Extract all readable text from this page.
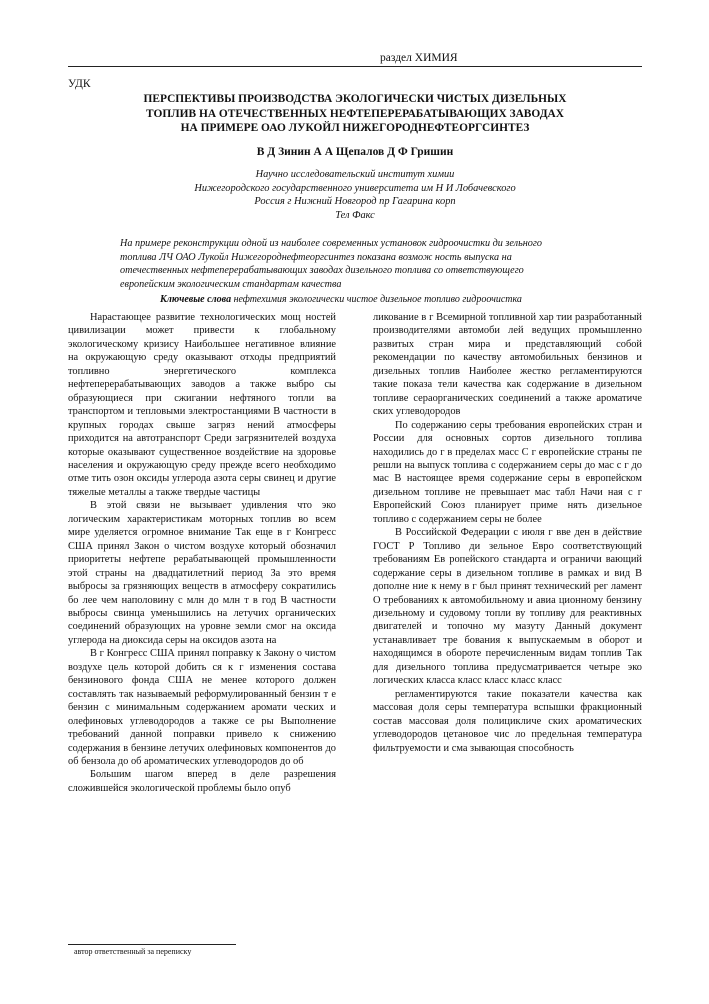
раздел ХИМИЯ
УДК
ПЕРСПЕКТИВЫ ПРОИЗВОДСТВА ЭКОЛОГИЧЕСКИ ЧИСТЫХ ДИЗЕЛЬНЫХ
ТОПЛИВ НА ОТЕЧЕСТВЕННЫХ НЕФТЕПЕРЕРАБАТЫВАЮЩИХ ЗАВОДАХ
НА ПРИМЕРЕ ОАО ЛУКОЙЛ НИЖЕГОРОДНЕФТЕОРГСИНТЕЗ
В Д Зинин А А Щепалов Д Ф Гришин
Научно исследовательский институт химии
Нижегородского государственного университета им Н И Лобачевского
Россия г Нижний Новгород пр Гагарина корп
Тел Факс
На примере реконструкции одной из наиболее современных установок гидроочистки ди зельного топлива ЛЧ ОАО Лукойл Нижегороднефтеоргсинтез показана возмож ность выпуска на отечественных нефтеперерабатывающих заводах дизельного топлива со ответствующего европейским экологическим стандартам качества
Ключевые слова нефтехимия экологически чистое дизельное топливо гидроочистка

Нарастающее развитие технологических мощ ностей цивилизации может привести к глобальному экологическому кризису Наибольшее негативное влияние на окружающую среду оказывают отходы предприятий топливно энергетического комплекса нефтеперерабатывающих заводов а также выбро сы образующиеся при сжигании нефтяного топли ва транспортом и тепловыми электростанциями В частности в крупных городах свыше загряз нений атмосферы приходится на автотранспорт Среди загрязнителей воздуха которые оказывают существенное воздействие на здоровье населения и окружающую среду прежде всего необходимо отме тить озон оксиды углерода азота серы свинец и другие тяжелые металлы а также твердые частицы

В этой связи не вызывает удивления что эко логическим характеристикам моторных топлив во всем мире уделяется огромное внимание Так еще в г Конгресс США принял Закон о чистом воздухе который обозначил приоритеты нефтепе рерабатывающей промышленности этой страны на двадцатилетний период За это время выбросы за грязняющих веществ в атмосферу сократились бо лее чем наполовину с млн до млн т в год В частности выбросы свинца уменьшились на летучих органических соединений образующих на уровне земли смог на оксида углерода на диоксида серы на оксидов азота на

В г Конгресс США принял поправку к Закону о чистом воздухе цель которой добить ся к г изменения состава бензинового фонда США не менее которого должен составлять так называемый реформулированный бензин т е бензин с минимальным содержанием аромати ческих и олефиновых углеводородов а также се ры Выполнение требований данной поправки привело к снижению содержания в бензине летучих олефиновых компонентов до об бензола до об ароматических углеводородов до об

Большим шагом вперед в деле разрешения сложившейся экологической проблемы было опуб

ликование в г Всемирной топливной хар тии разработанный производителями автомоби лей ведущих промышленно развитых стран мира и представляющий собой рекомендации по качеству автомобильных бензинов и дизельных топлив Наиболее жестко регламентируются такие показа тели качества как содержание в дизельном топливе сераорганических соединений а также ароматиче ских углеводородов

По содержанию серы требования европейских стран и России для основных сортов дизельного топлива находились до г в пределах масс С г европейские страны пе решли на выпуск топлива с содержанием серы до мас с г до мас В настоящее время содержание серы в европейском дизельном топливе не превышает мас табл Начи ная с г Европейский Союз планирует приме нять дизельное топливо с содержанием серы не более

В Российской Федерации с июля г вве ден в действие ГОСТ Р Топливо ди зельное Евро соответствующий требованиям Ев ропейского стандарта и ограничи вающий содержание серы в дизельном топливе в рамках и вид В дополне ние к нему в г был принят технический рег ламент О требованиях к автомобильному и авиа ционному бензину дизельному и судовому топли ву топливу для реактивных двигателей и топочно му мазуту Данный документ устанавливает тре бования к выпускаемым в оборот и находящимся в обороте перечисленным видам топлив Так для дизельного топлива предусматривается четыре эко логических класса класс класс класс класс

регламентируются такие показатели качества как массовая доля серы температура вспышки фракционный состав массовая доля полицикличе ских ароматических углеводородов цетановое чис ло предельная температура фильтруемости и сма зывающая способность

автор ответственный за переписку
